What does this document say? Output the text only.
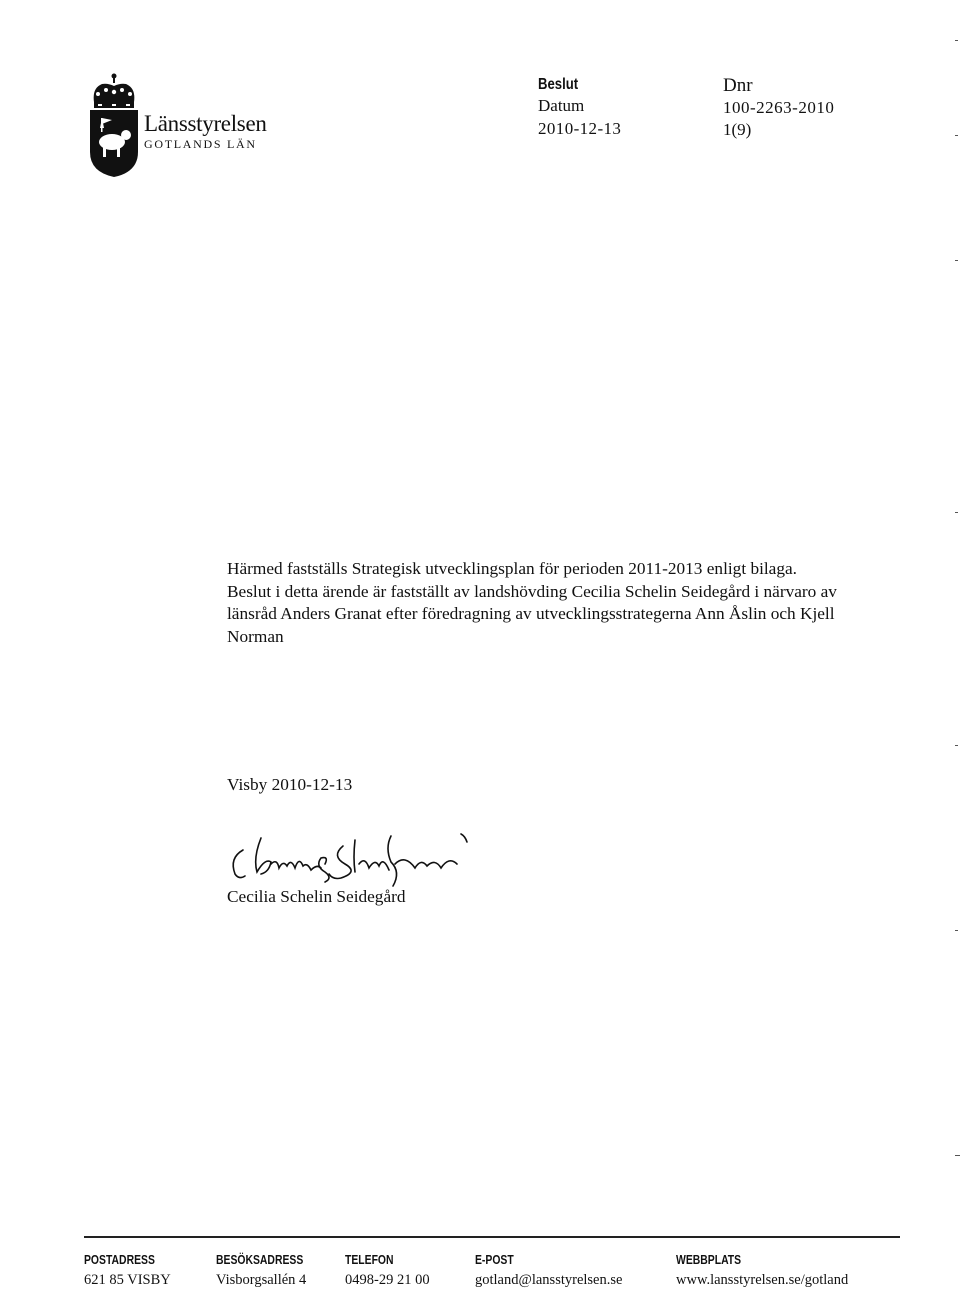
Länsstyrelsen
GOTLANDS LÄN
Beslut
Datum
2010-12-13
Dnr
100-2263-2010
1(9)

Härmed fastställs Strategisk utvecklingsplan för perioden 2011-2013 enligt bilaga.

Beslut i detta ärende är fastställt av landshövding Cecilia Schelin Seidegård i närvaro av länsråd Anders Granat efter föredragning av utvecklingsstrategerna Ann Åslin och Kjell Norman

Visby 2010-12-13
Cecilia Schelin Seidegård
POSTADRESS
621 85 VISBY
BESÖKSADRESS
Visborgsallén 4
TELEFON
0498-29 21 00
E-POST
gotland@lansstyrelsen.se
WEBBPLATS
www.lansstyrelsen.se/gotland
